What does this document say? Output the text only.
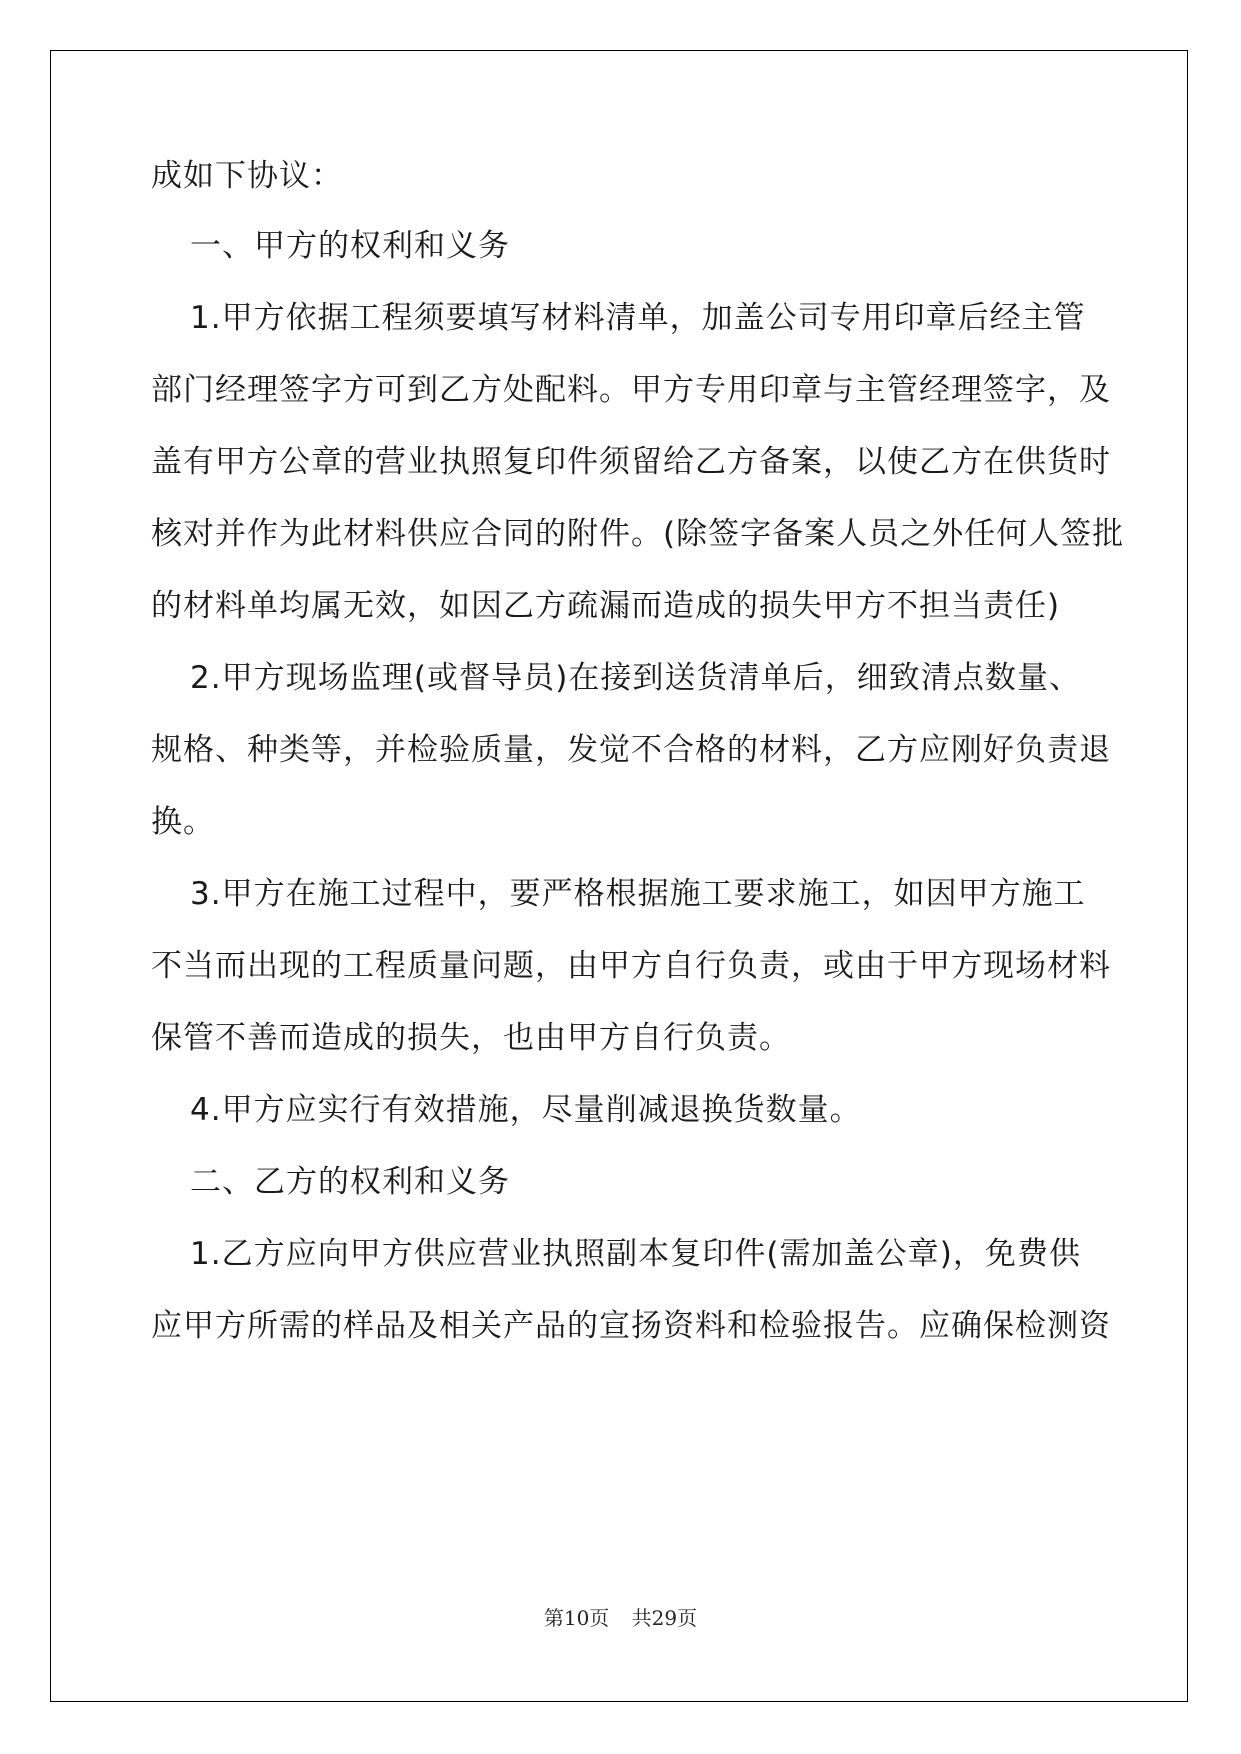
成如下协议：
一、甲方的权利和义务
1.甲方依据工程须要填写材料清单，加盖公司专用印章后经主管
部门经理签字方可到乙方处配料。甲方专用印章与主管经理签字，及
盖有甲方公章的营业执照复印件须留给乙方备案，以使乙方在供货时
核对并作为此材料供应合同的附件。(除签字备案人员之外任何人签批
的材料单均属无效，如因乙方疏漏而造成的损失甲方不担当责任)
2.甲方现场监理(或督导员)在接到送货清单后，细致清点数量、
规格、种类等，并检验质量，发觉不合格的材料，乙方应刚好负责退
换。
3.甲方在施工过程中，要严格根据施工要求施工，如因甲方施工
不当而出现的工程质量问题，由甲方自行负责，或由于甲方现场材料
保管不善而造成的损失，也由甲方自行负责。
4.甲方应实行有效措施，尽量削减退换货数量。
二、乙方的权利和义务
1.乙方应向甲方供应营业执照副本复印件(需加盖公章)，免费供
应甲方所需的样品及相关产品的宣扬资料和检验报告。应确保检测资
第10页 共29页
